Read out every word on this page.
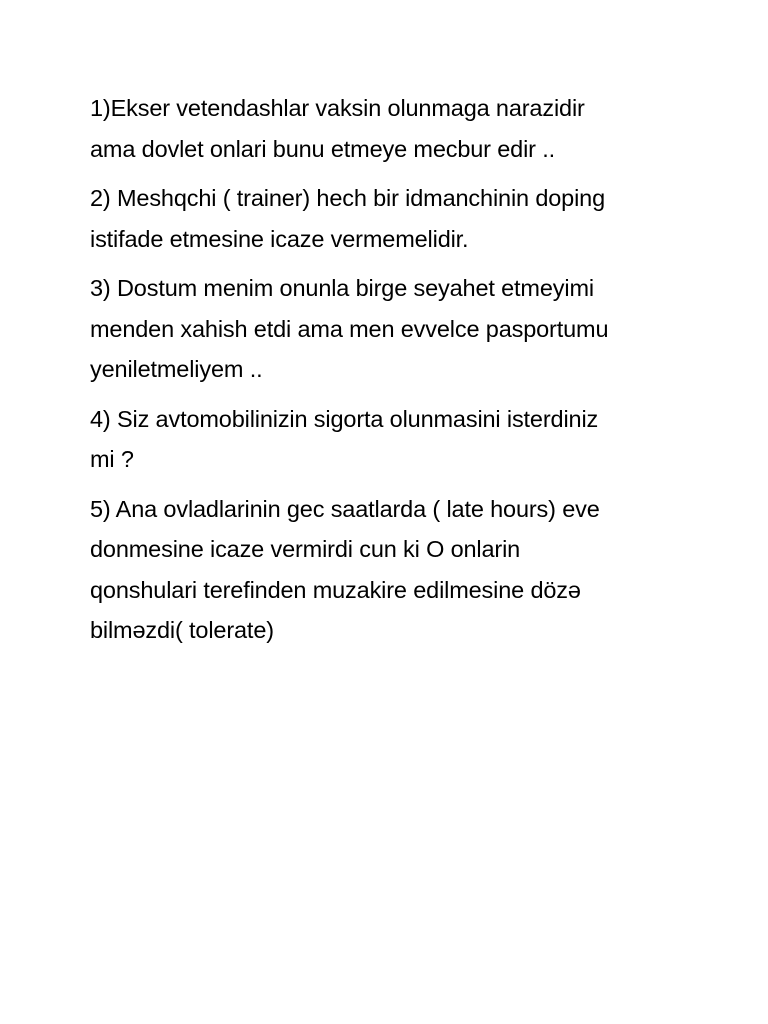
1)Ekser vetendashlar vaksin olunmaga narazidir
ama dovlet onlari bunu etmeye mecbur edir ..

2) Meshqchi ( trainer) hech bir idmanchinin doping
istifade etmesine icaze vermemelidir.

3) Dostum menim onunla birge seyahet etmeyimi
menden xahish etdi ama men evvelce pasportumu
yeniletmeliyem ..

4) Siz avtomobilinizin sigorta olunmasini isterdiniz
mi ?

5) Ana ovladlarinin gec saatlarda ( late hours) eve
donmesine icaze vermirdi cun ki O onlarin
qonshulari terefinden muzakire edilmesine dözə
bilməzdi( tolerate)
